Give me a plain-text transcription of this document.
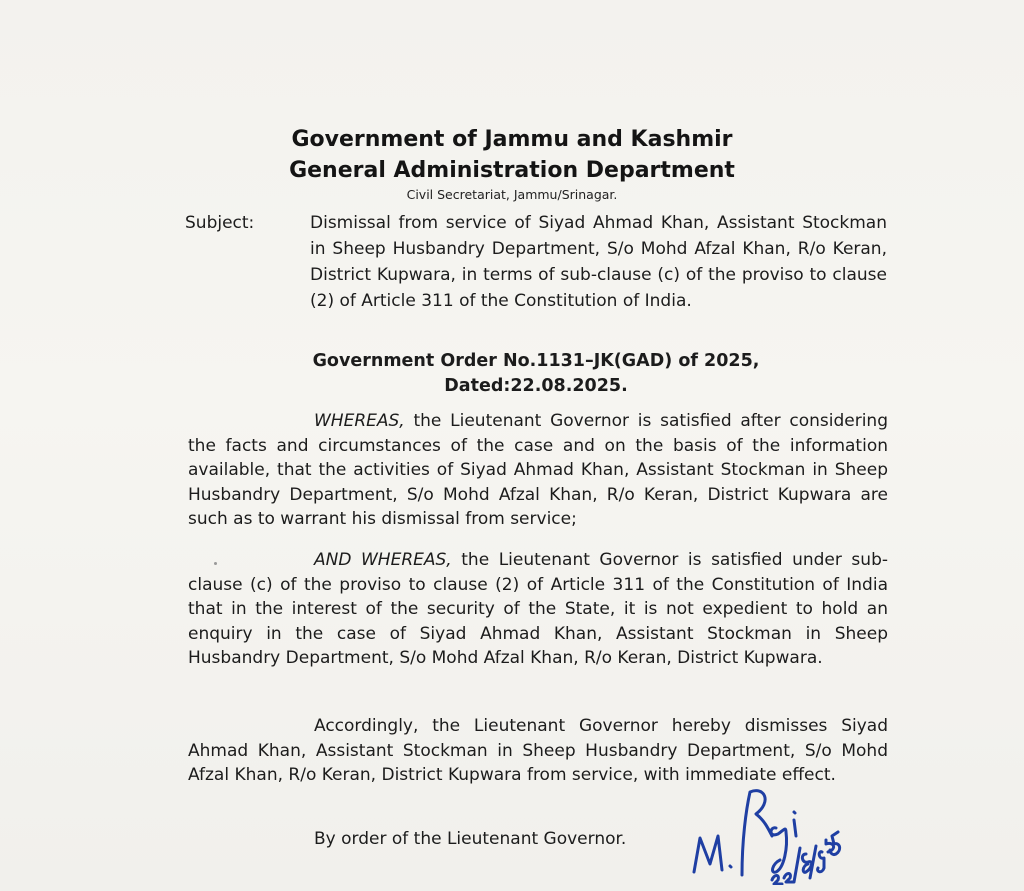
Government of Jammu and Kashmir
General Administration Department
Civil Secretariat, Jammu/Srinagar.
Subject:	Dismissal from service of Siyad Ahmad Khan, Assistant Stockman in Sheep Husbandry Department, S/o Mohd Afzal Khan, R/o Keran, District Kupwara, in terms of sub-clause (c) of the proviso to clause (2) of Article 311 of the Constitution of India.
Government Order No.1131–JK(GAD) of 2025,
Dated:22.08.2025.
WHEREAS, the Lieutenant Governor is satisfied after considering the facts and circumstances of the case and on the basis of the information available, that the activities of Siyad Ahmad Khan, Assistant Stockman in Sheep Husbandry Department, S/o Mohd Afzal Khan, R/o Keran, District Kupwara are such as to warrant his dismissal from service;
AND WHEREAS, the Lieutenant Governor is satisfied under sub-clause (c) of the proviso to clause (2) of Article 311 of the Constitution of India that in the interest of the security of the State, it is not expedient to hold an enquiry in the case of Siyad Ahmad Khan, Assistant Stockman in Sheep Husbandry Department, S/o Mohd Afzal Khan, R/o Keran, District Kupwara.
Accordingly, the Lieutenant Governor hereby dismisses Siyad Ahmad Khan, Assistant Stockman in Sheep Husbandry Department, S/o Mohd Afzal Khan, R/o Keran, District Kupwara from service, with immediate effect.
By order of the Lieutenant Governor.
